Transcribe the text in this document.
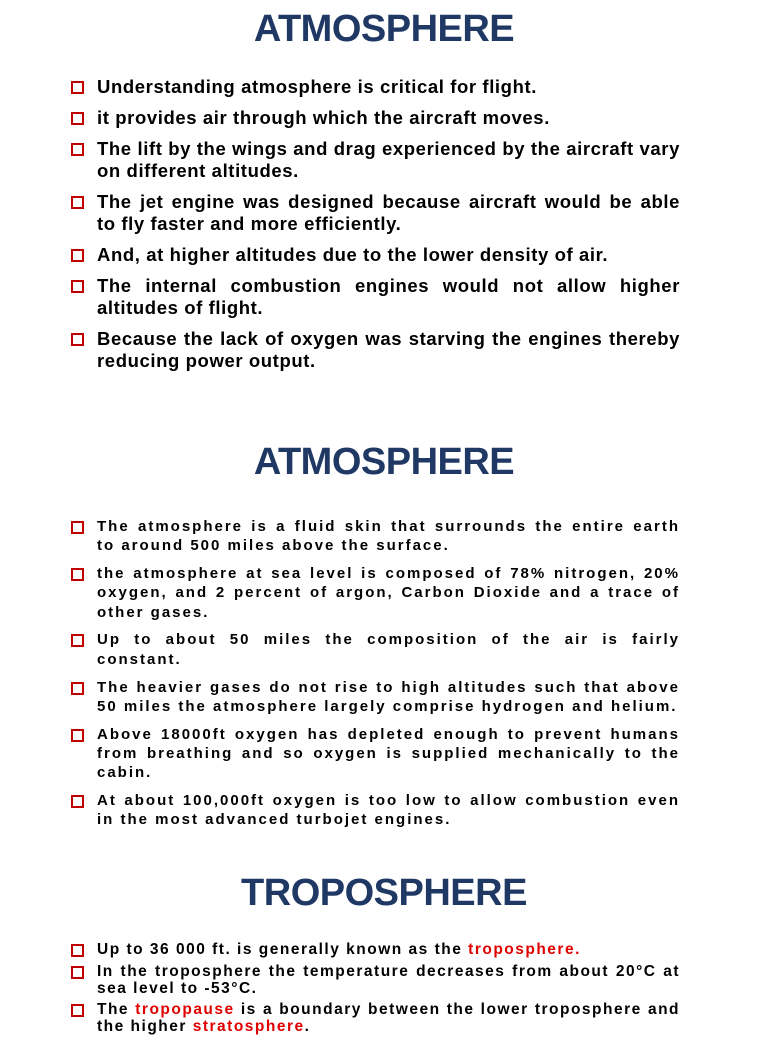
ATMOSPHERE
Understanding atmosphere is critical for flight.
it provides air through which the aircraft moves.
The lift by the wings and drag experienced by the aircraft vary on different altitudes.
The jet engine was designed because aircraft would be able to fly faster and more efficiently.
And, at higher altitudes due to the lower density of air.
The internal combustion engines would not allow higher altitudes of flight.
Because the lack of oxygen was starving the engines thereby reducing power output.
ATMOSPHERE
The atmosphere is a fluid skin that surrounds the entire earth to around 500 miles above the surface.
the atmosphere at sea level is composed of 78% nitrogen, 20% oxygen, and 2 percent of argon, Carbon Dioxide and a trace of other gases.
Up to about 50 miles the composition of the air is fairly constant.
The heavier gases do not rise to high altitudes such that above 50 miles the atmosphere largely comprise hydrogen and helium.
Above 18000ft oxygen has depleted enough to prevent humans from breathing and so oxygen is supplied mechanically to the cabin.
At about 100,000ft oxygen is too low to allow combustion even in the most advanced turbojet engines.
TROPOSPHERE
Up to 36 000 ft. is generally known as the troposphere.
In the troposphere the temperature decreases from about 20°C at sea level to -53°C.
The tropopause is a boundary between the lower troposphere and the higher stratosphere.
